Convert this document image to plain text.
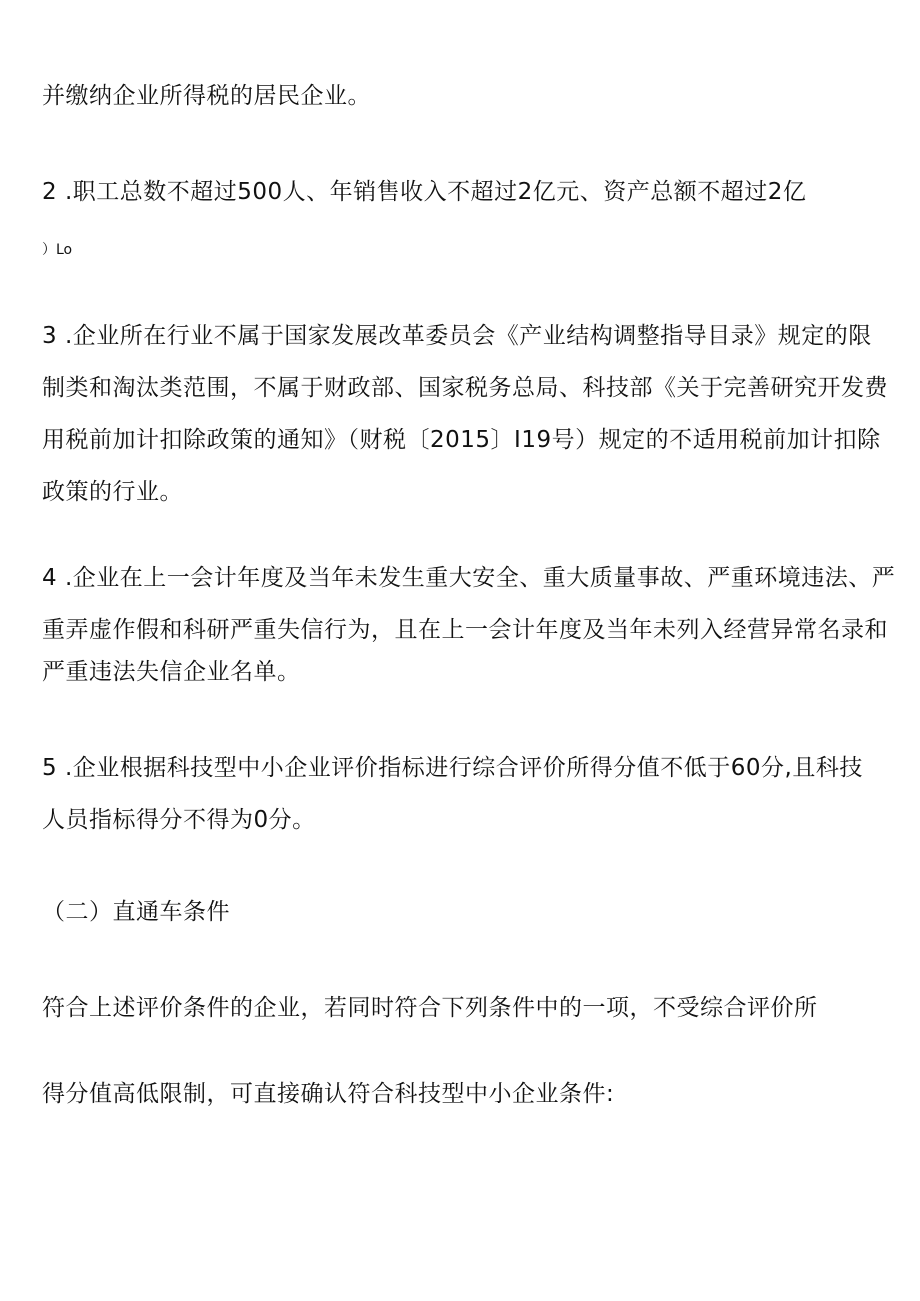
并缴纳企业所得税的居民企业。
2 .职工总数不超过500人、年销售收入不超过2亿元、资产总额不超过2亿
）Lo
3 .企业所在行业不属于国家发展改革委员会《产业结构调整指导目录》规定的限
制类和淘汰类范围，不属于财政部、国家税务总局、科技部《关于完善研究开发费
用税前加计扣除政策的通知》（财税〔2015〕I19号）规定的不适用税前加计扣除
政策的行业。
4 .企业在上一会计年度及当年未发生重大安全、重大质量事故、严重环境违法、严
重弄虚作假和科研严重失信行为，且在上一会计年度及当年未列入经营异常名录和
严重违法失信企业名单。
5 .企业根据科技型中小企业评价指标进行综合评价所得分值不低于60分,且科技
人员指标得分不得为0分。
（二）直通车条件
符合上述评价条件的企业，若同时符合下列条件中的一项，不受综合评价所
得分值高低限制，可直接确认符合科技型中小企业条件:
